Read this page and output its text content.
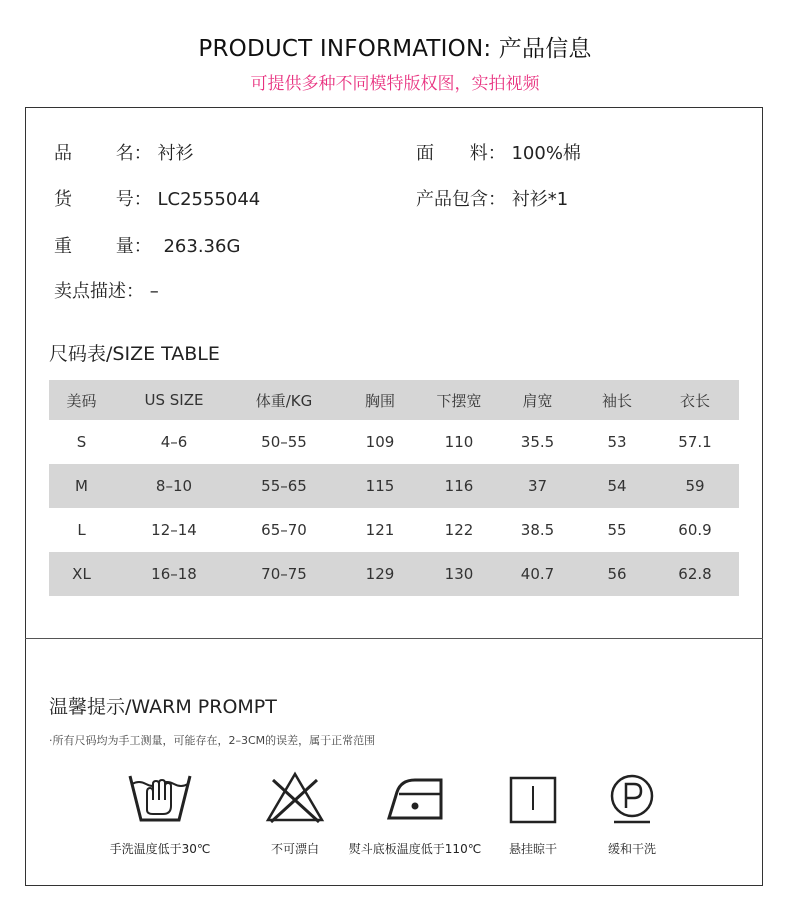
PRODUCT INFORMATION: 产品信息
可提供多种不同模特版权图，实拍视频
品 名： 衬衫	面 料： 100%棉
货 号： LC2555044	产品包含： 衬衫*1
重 量： 263.36G
卖点描述： –
尺码表/SIZE TABLE
美码	US SIZE	体重/KG	胸围	下摆宽	肩宽	袖长	衣长
S	4–6	50–55	109	110	35.5	53	57.1
M	8–10	55–65	115	116	37	54	59
L	12–14	65–70	121	122	38.5	55	60.9
XL	16–18	70–75	129	130	40.7	56	62.8
温馨提示/WARM PROMPT
·所有尺码均为手工测量，可能存在，2–3CM的误差，属于正常范围
手洗温度低于30℃	不可漂白	熨斗底板温度低于110℃	悬挂晾干	缓和干洗
